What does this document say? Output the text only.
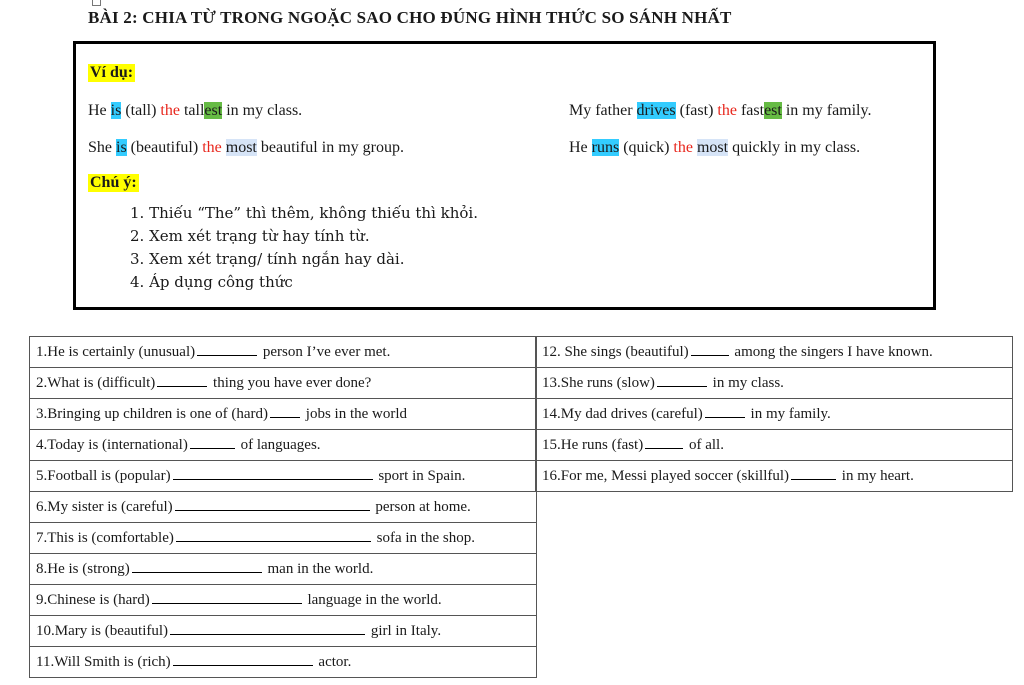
BÀI 2: CHIA TỪ TRONG NGOẶC SAO CHO ĐÚNG HÌNH THỨC SO SÁNH NHẤT
Ví dụ:
He is (tall) the tallest in my class.	My father drives (fast) the fastest in my family.
She is (beautiful) the most beautiful in my group.	He runs (quick) the most quickly in my class.
Chú ý:
1. Thiếu “The” thì thêm, không thiếu thì khỏi.
2. Xem xét trạng từ hay tính từ.
3. Xem xét trạng/ tính ngắn hay dài.
4. Áp dụng công thức
1.He is certainly (unusual)	person I’ve ever met.
2.What is (difficult)	thing you have ever done?
3.Bringing up children is one of (hard)	jobs in the world
4.Today is (international)	of languages.
5.Football is (popular)	sport in Spain.
6.My sister is (careful)	person at home.
7.This is (comfortable)	sofa in the shop.
8.He is (strong)	man in the world.
9.Chinese is (hard)	language in the world.
10.Mary is (beautiful)	girl in Italy.
11.Will Smith is (rich)	actor.
12. She sings (beautiful)	among the singers I have known.
13.She runs (slow)	in my class.
14.My dad drives (careful)	in my family.
15.He runs (fast)	of all.
16.For me, Messi played soccer (skillful)	in my heart.
